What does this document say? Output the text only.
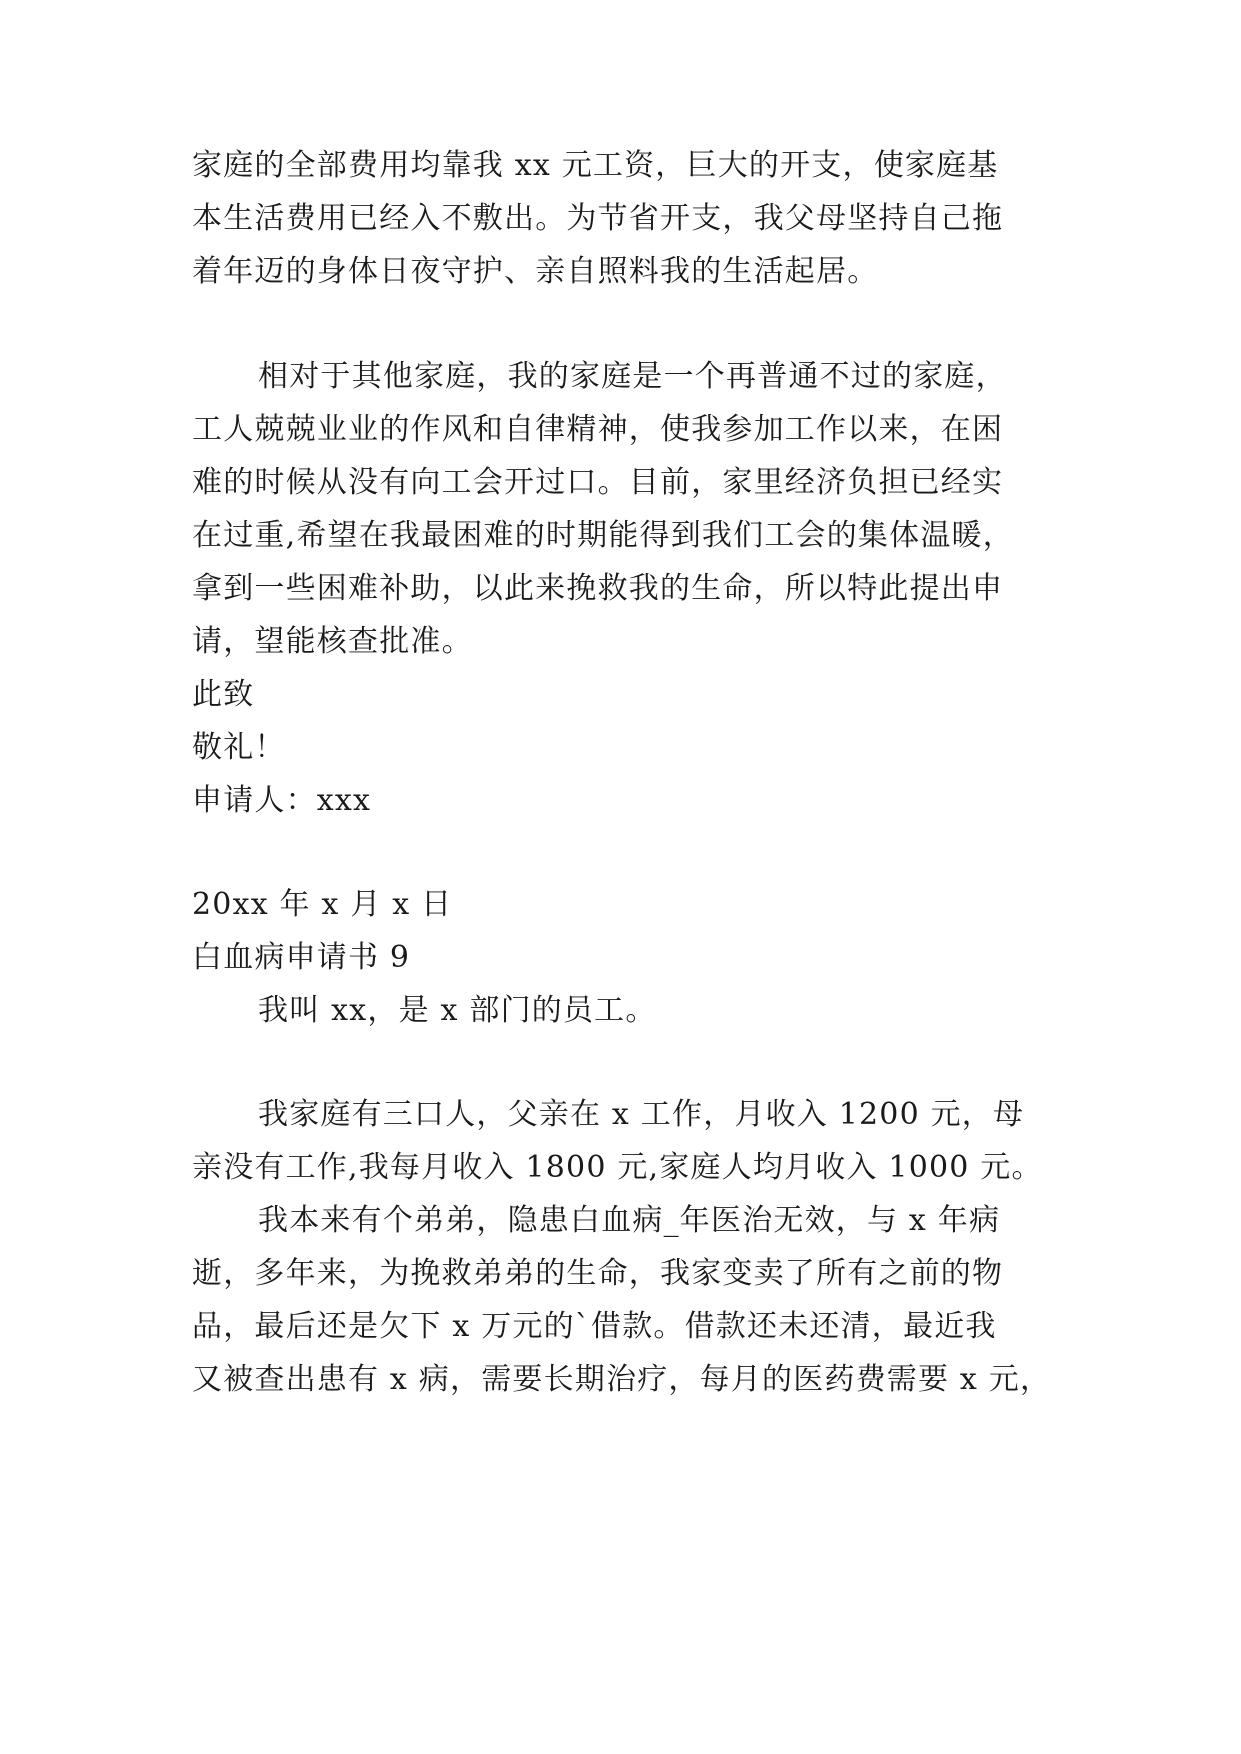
家庭的全部费用均靠我 xx 元工资，巨大的开支，使家庭基
本生活费用已经入不敷出。为节省开支，我父母坚持自己拖
着年迈的身体日夜守护、亲自照料我的生活起居。
相对于其他家庭，我的家庭是一个再普通不过的家庭，
工人兢兢业业的作风和自律精神，使我参加工作以来，在困
难的时候从没有向工会开过口。目前，家里经济负担已经实
在过重,希望在我最困难的时期能得到我们工会的集体温暖，
拿到一些困难补助，以此来挽救我的生命，所以特此提出申
请，望能核查批准。
此致
敬礼！
申请人：xxx
20xx 年 x 月 x 日
白血病申请书 9
我叫 xx，是 x 部门的员工。
我家庭有三口人，父亲在 x 工作，月收入 1200 元，母
亲没有工作,我每月收入 1800 元,家庭人均月收入 1000 元。
我本来有个弟弟，隐患白血病_年医治无效，与 x 年病
逝，多年来，为挽救弟弟的生命，我家变卖了所有之前的物
品，最后还是欠下 x 万元的`借款。借款还未还清，最近我
又被查出患有 x 病，需要长期治疗，每月的医药费需要 x 元，
